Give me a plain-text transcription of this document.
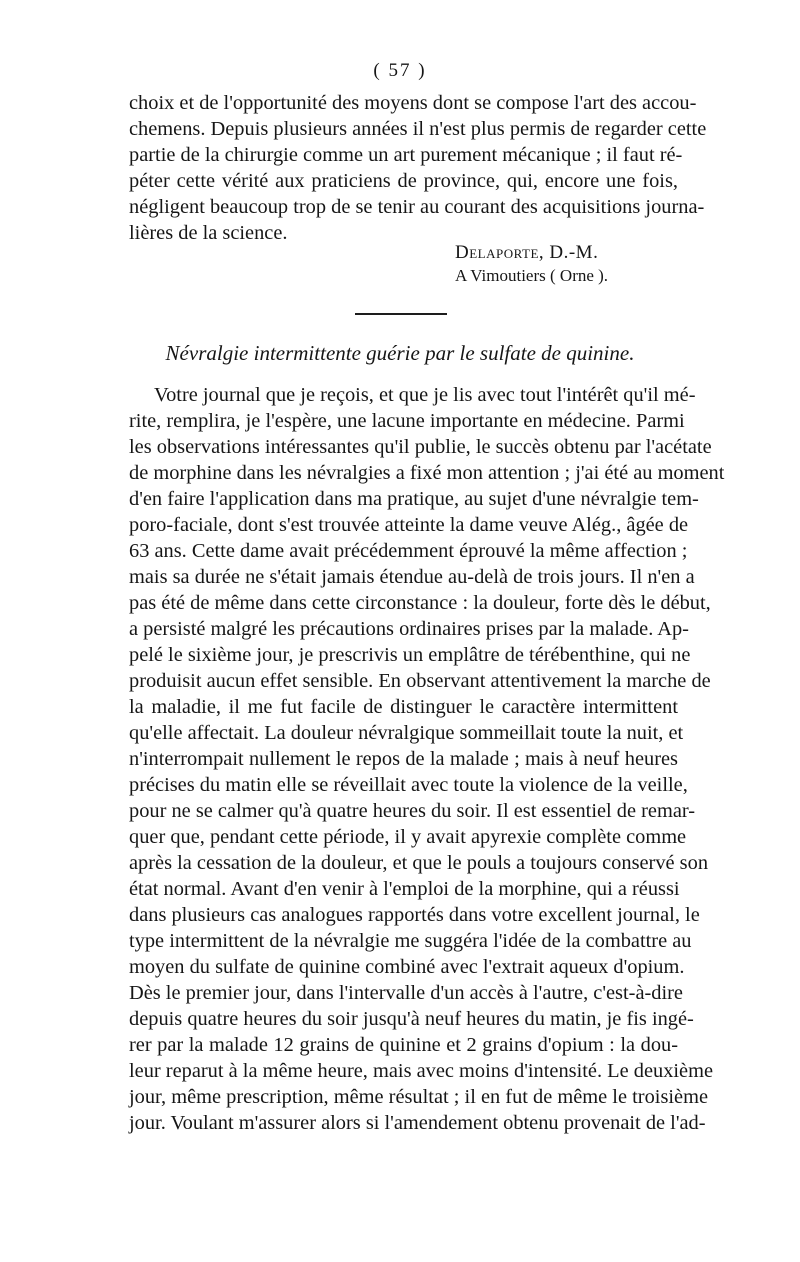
( 57 )
choix et de l'opportunité des moyens dont se compose l'art des accou-
chemens. Depuis plusieurs années il n'est plus permis de regarder cette
partie de la chirurgie comme un art purement mécanique ; il faut ré-
péter cette vérité aux praticiens de province, qui, encore une fois,
négligent beaucoup trop de se tenir au courant des acquisitions journa-
lières de la science.
Delaporte, D.-M.
A Vimoutiers ( Orne ).
Névralgie intermittente guérie par le sulfate de quinine.
Votre journal que je reçois, et que je lis avec tout l'intérêt qu'il mé-
rite, remplira, je l'espère, une lacune importante en médecine. Parmi
les observations intéressantes qu'il publie, le succès obtenu par l'acétate
de morphine dans les névralgies a fixé mon attention ; j'ai été au moment
d'en faire l'application dans ma pratique, au sujet d'une névralgie tem-
poro-faciale, dont s'est trouvée atteinte la dame veuve Alég., âgée de
63 ans. Cette dame avait précédemment éprouvé la même affection ;
mais sa durée ne s'était jamais étendue au-delà de trois jours. Il n'en a
pas été de même dans cette circonstance : la douleur, forte dès le début,
a persisté malgré les précautions ordinaires prises par la malade. Ap-
pelé le sixième jour, je prescrivis un emplâtre de térébenthine, qui ne
produisit aucun effet sensible. En observant attentivement la marche de
la maladie, il me fut facile de distinguer le caractère intermittent
qu'elle affectait. La douleur névralgique sommeillait toute la nuit, et
n'interrompait nullement le repos de la malade ; mais à neuf heures
précises du matin elle se réveillait avec toute la violence de la veille,
pour ne se calmer qu'à quatre heures du soir. Il est essentiel de remar-
quer que, pendant cette période, il y avait apyrexie complète comme
après la cessation de la douleur, et que le pouls a toujours conservé son
état normal. Avant d'en venir à l'emploi de la morphine, qui a réussi
dans plusieurs cas analogues rapportés dans votre excellent journal, le
type intermittent de la névralgie me suggéra l'idée de la combattre au
moyen du sulfate de quinine combiné avec l'extrait aqueux d'opium.
Dès le premier jour, dans l'intervalle d'un accès à l'autre, c'est-à-dire
depuis quatre heures du soir jusqu'à neuf heures du matin, je fis ingé-
rer par la malade 12 grains de quinine et 2 grains d'opium : la dou-
leur reparut à la même heure, mais avec moins d'intensité. Le deuxième
jour, même prescription, même résultat ; il en fut de même le troisième
jour. Voulant m'assurer alors si l'amendement obtenu provenait de l'ad-
